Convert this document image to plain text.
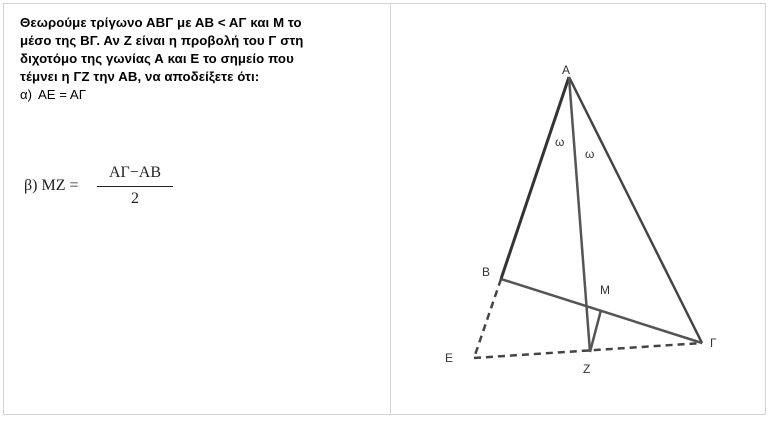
Θεωρούμε τρίγωνο ΑΒΓ με ΑΒ < ΑΓ και Μ το
μέσο της ΒΓ. Αν Ζ είναι η προβολή του Γ στη
διχοτόμο της γωνίας Α και Ε το σημείο που
τέμνει η ΓΖ την ΑΒ, να αποδείξετε ότι:

α) ΑΕ = ΑΓ

β) ΜΖ =
ΑΓ−ΑΒ
2
A
B
M
Γ
E
Z
ω
ω
